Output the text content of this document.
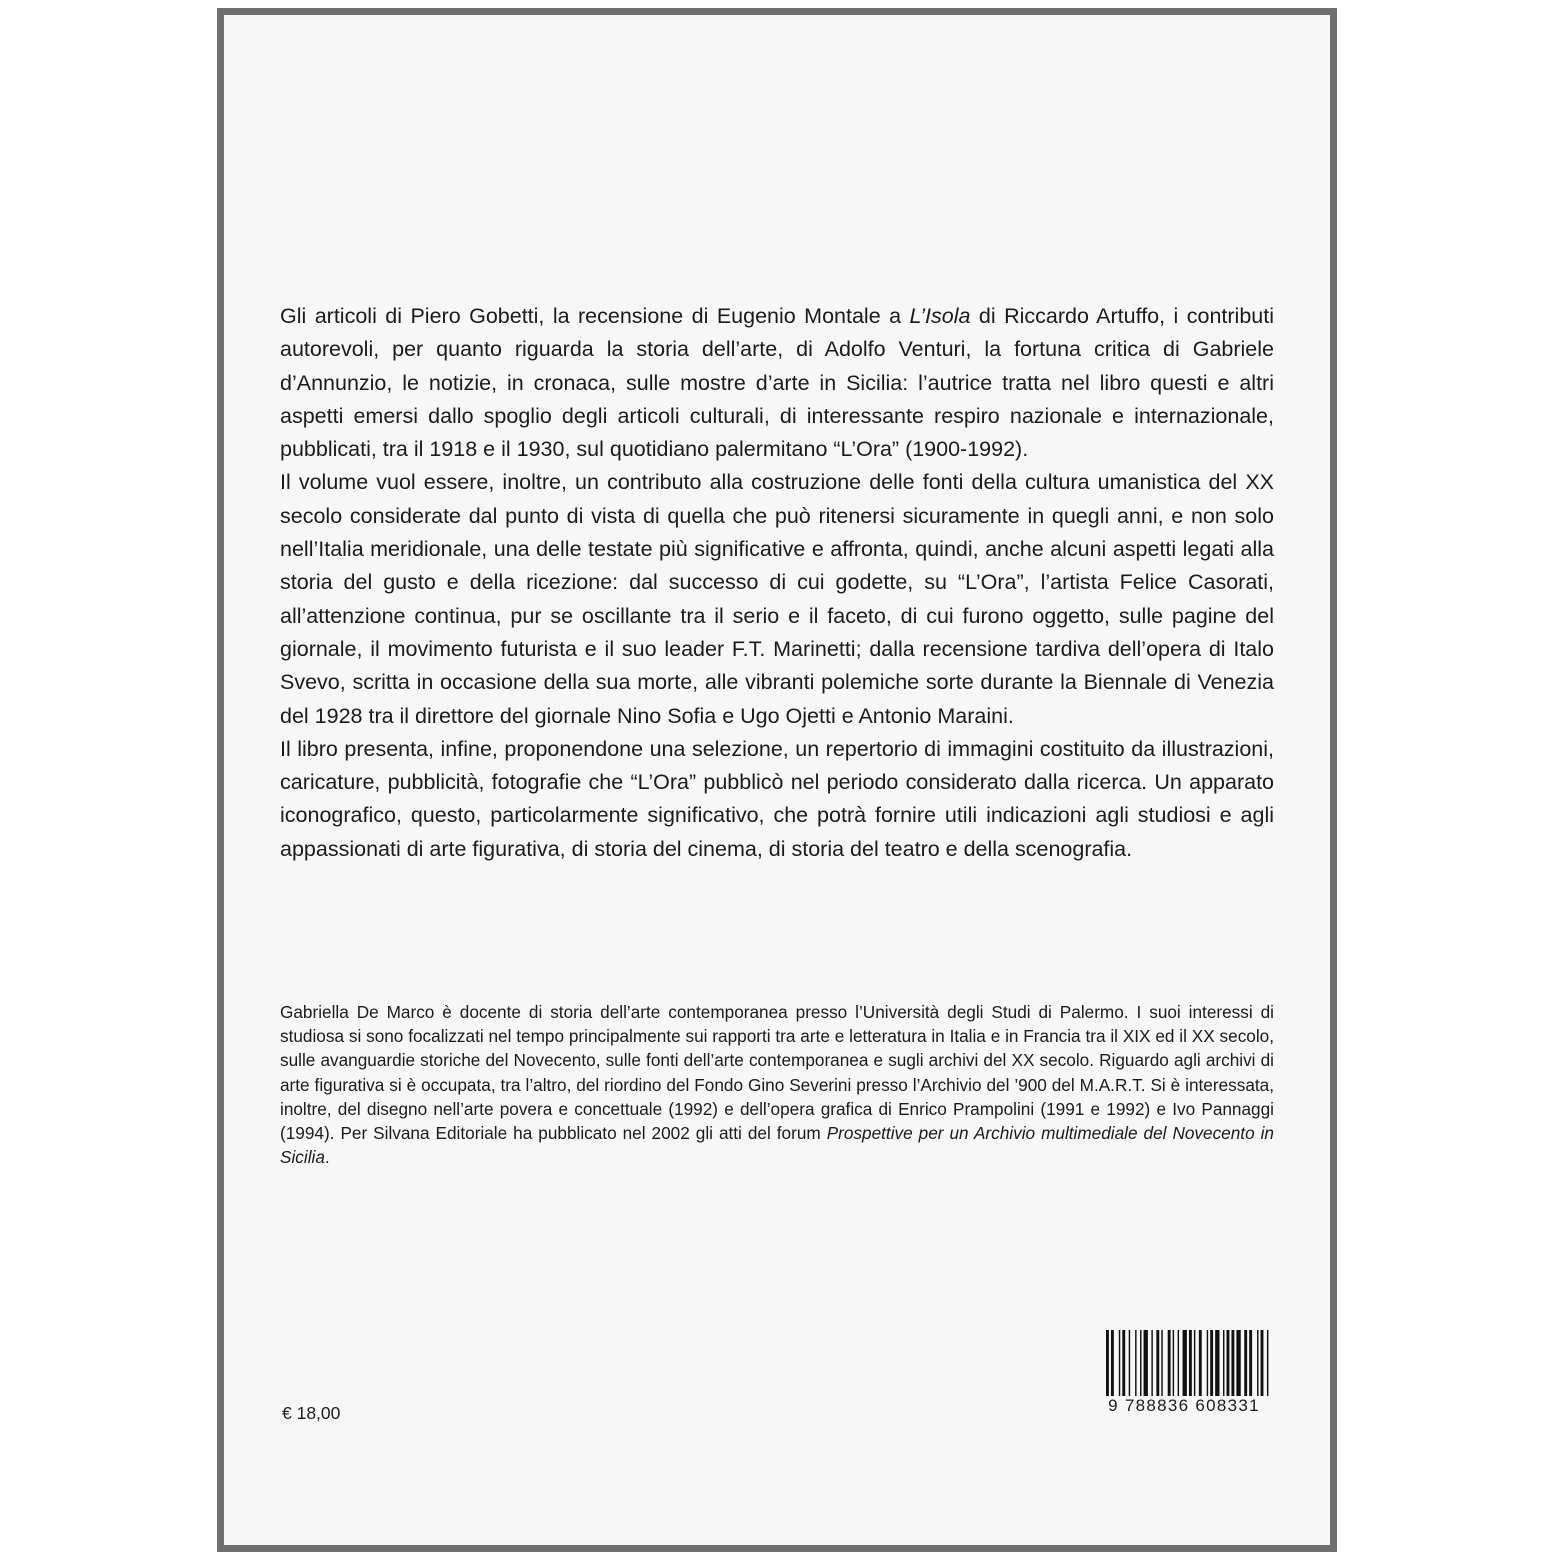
Gli articoli di Piero Gobetti, la recensione di Eugenio Montale a L’Isola di Riccardo Artuffo, i contributi autorevoli, per quanto riguarda la storia dell’arte, di Adolfo Venturi, la fortuna critica di Gabriele d’Annunzio, le notizie, in cronaca, sulle mostre d’arte in Sicilia: l’autrice tratta nel libro questi e altri aspetti emersi dallo spoglio degli articoli culturali, di interessante respiro nazionale e internazionale, pubblicati, tra il 1918 e il 1930, sul quotidiano palermitano “L’Ora” (1900-1992).

Il volume vuol essere, inoltre, un contributo alla costruzione delle fonti della cultura umanistica del XX secolo considerate dal punto di vista di quella che può ritenersi sicuramente in quegli anni, e non solo nell’Italia meridionale, una delle testate più significative e affronta, quindi, anche alcuni aspetti legati alla storia del gusto e della ricezione: dal successo di cui godette, su “L’Ora”, l’artista Felice Casorati, all’attenzione continua, pur se oscillante tra il serio e il faceto, di cui furono oggetto, sulle pagine del giornale, il movimento futurista e il suo leader F.T. Marinetti; dalla recensione tardiva dell’opera di Italo Svevo, scritta in occasione della sua morte, alle vibranti polemiche sorte durante la Biennale di Venezia del 1928 tra il direttore del giornale Nino Sofia e Ugo Ojetti e Antonio Maraini.

Il libro presenta, infine, proponendone una selezione, un repertorio di immagini costituito da illustrazioni, caricature, pubblicità, fotografie che “L’Ora” pubblicò nel periodo considerato dalla ricerca. Un apparato iconografico, questo, particolarmente significativo, che potrà fornire utili indicazioni agli studiosi e agli appassionati di arte figurativa, di storia del cinema, di storia del teatro e della scenografia.

Gabriella De Marco è docente di storia dell’arte contemporanea presso l’Università degli Studi di Palermo. I suoi interessi di studiosa si sono focalizzati nel tempo principalmente sui rapporti tra arte e letteratura in Italia e in Francia tra il XIX ed il XX secolo, sulle avanguardie storiche del Novecento, sulle fonti dell’arte contemporanea e sugli archivi del XX secolo. Riguardo agli archivi di arte figurativa si è occupata, tra l’altro, del riordino del Fondo Gino Severini presso l’Archivio del ’900 del M.A.R.T. Si è interessata, inoltre, del disegno nell’arte povera e concettuale (1992) e dell’opera grafica di Enrico Prampolini (1991 e 1992) e Ivo Pannaggi (1994). Per Silvana Editoriale ha pubblicato nel 2002 gli atti del forum Prospettive per un Archivio multimediale del Novecento in Sicilia.

€ 18,00	9 788836 608331
